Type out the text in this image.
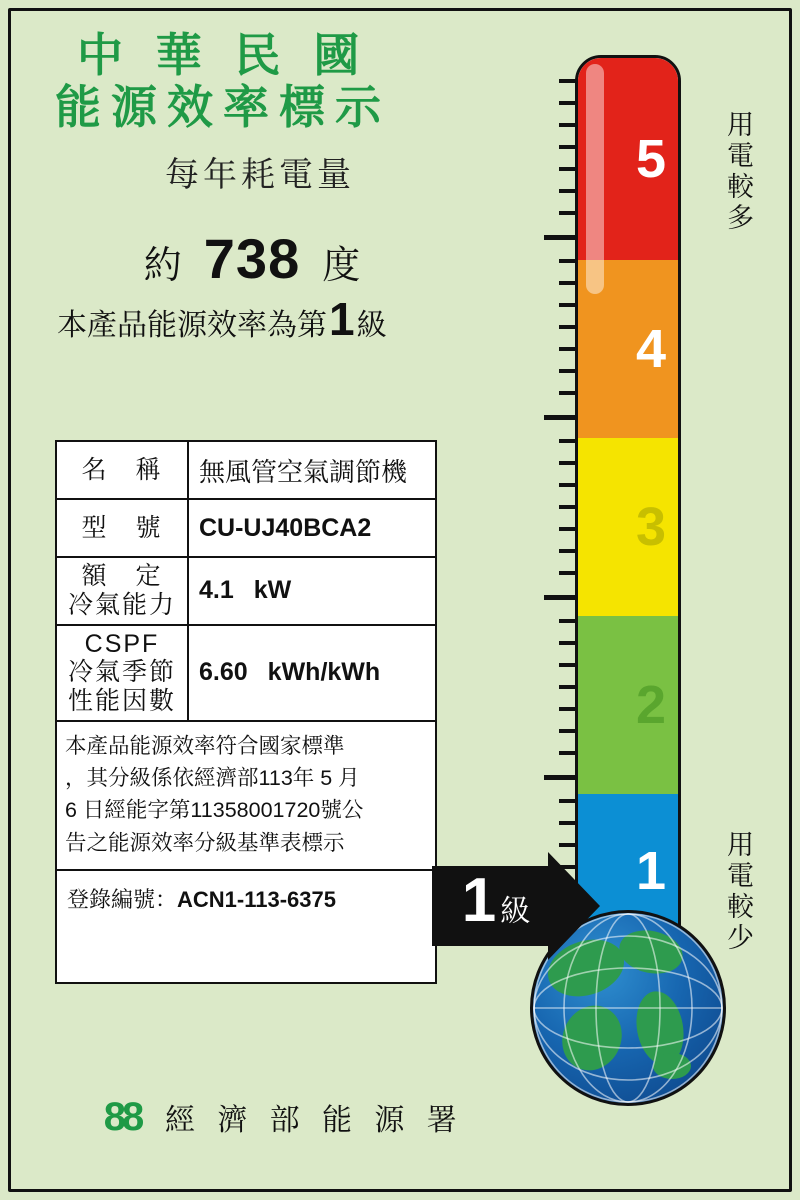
中 華 民 國
能源效率標示
每年耗電量
約 738 度
本產品能源效率為第 1 級
名　稱	無風管空氣調節機
型　號	CU-UJ40BCA2
額　定
冷氣能力
4.1 kW
CSPF
冷氣季節
性能因數
6.60 kWh/kWh
本產品能源效率符合國家標準
，其分級係依經濟部113年 5 月
6 日經能字第11358001720號公
告之能源效率分級基準表標示
登錄編號：ACN1-113-6375
88 經 濟 部 能 源 署
5
4
3
2
1
用電較多
用電較少
1 級
